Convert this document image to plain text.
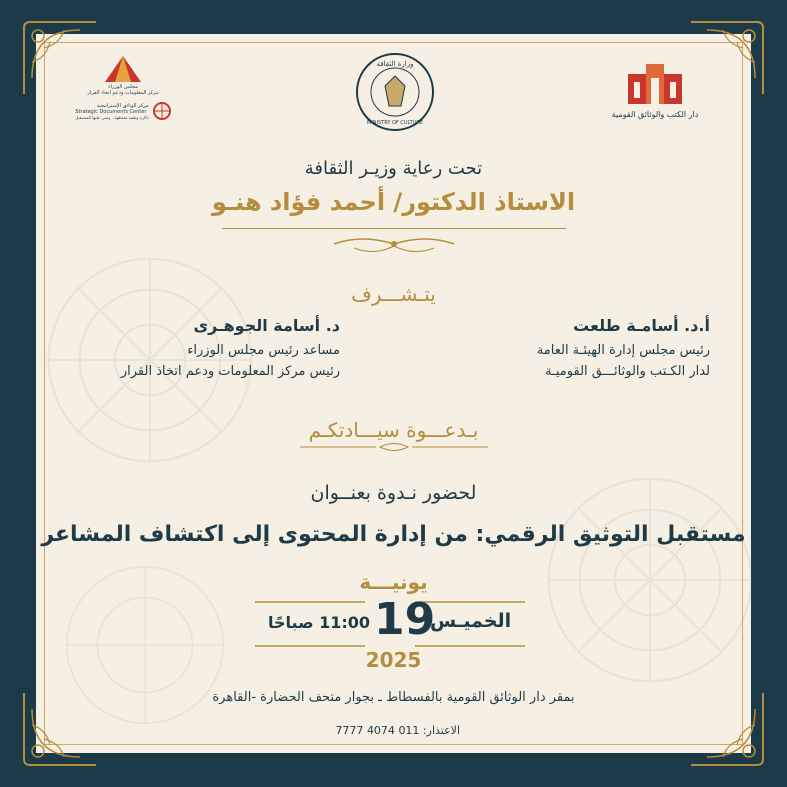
مجلس الوزراء
مركز المعلومات ودعم اتخاذ القرار
مركز الوثائق الإستراتيجية
Strategic Documents Center
ذاكرة وطنية نحفظها... ونبني عليها المستقبل
وزارة الثقافة
MINISTRY OF CULTURE
دار الكتب والوثائق القومية
تحت رعاية وزيـر الثقافة
الاستاذ الدكتور/ أحمد فؤاد هنـو
يتـشـــرف
أ.د. أسامـة طلعت
رئيس مجلس إدارة الهيئـة العامة
لدار الكـتب والوثائـــق القوميـة
د. أسامة الجوهـرى
مساعد رئيس مجلس الوزراء
رئيس مركز المعلومات ودعم اتخاذ القرار
بـدعـــوة سيـــادتكـم
لحضور نـدوة بعنــوان
مستقبل التوثيق الرقمي: من إدارة المحتوى إلى اكتشاف المشاعر
يونيـــة
الخميـس
19
11:00 صباحًا
2025
بمقر دار الوثائق القومية بالفسطاط ـ بجوار متحف الحضارة -القاهرة
الاعتذار: 011 4074 7777
